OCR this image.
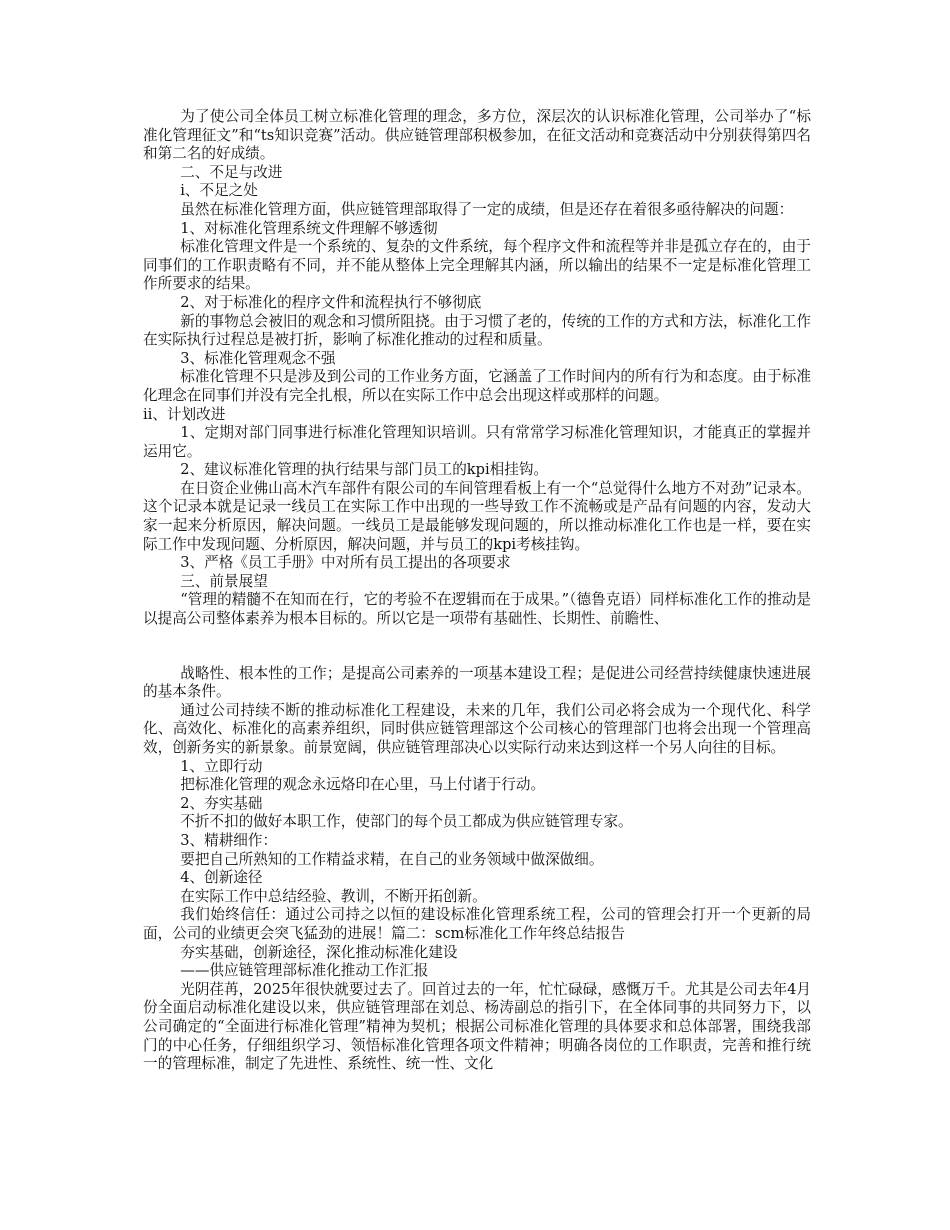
为了使公司全体员工树立标准化管理的理念，多方位，深层次的认识标准化管理，公司举办了“标准化管理征文”和“ts知识竞赛”活动。供应链管理部积极参加，在征文活动和竞赛活动中分别获得第四名和第二名的好成绩。

二、不足与改进

ⅰ、不足之处

虽然在标准化管理方面，供应链管理部取得了一定的成绩，但是还存在着很多亟待解决的问题：

1、对标准化管理系统文件理解不够透彻

标准化管理文件是一个系统的、复杂的文件系统，每个程序文件和流程等并非是孤立存在的，由于同事们的工作职责略有不同，并不能从整体上完全理解其内涵，所以输出的结果不一定是标准化管理工作所要求的结果。

2、对于标准化的程序文件和流程执行不够彻底

新的事物总会被旧的观念和习惯所阻挠。由于习惯了老的，传统的工作的方式和方法，标准化工作在实际执行过程总是被打折，影响了标准化推动的过程和质量。

3、标准化管理观念不强

标准化管理不只是涉及到公司的工作业务方面，它涵盖了工作时间内的所有行为和态度。由于标准化理念在同事们并没有完全扎根，所以在实际工作中总会出现这样或那样的问题。

ⅱ、计划改进

1、定期对部门同事进行标准化管理知识培训。只有常常学习标准化管理知识，才能真正的掌握并运用它。

2、建议标准化管理的执行结果与部门员工的kpi相挂钩。

在日资企业佛山高木汽车部件有限公司的车间管理看板上有一个“总觉得什么地方不对劲”记录本。这个记录本就是记录一线员工在实际工作中出现的一些导致工作不流畅或是产品有问题的内容，发动大家一起来分析原因，解决问题。一线员工是最能够发现问题的，所以推动标准化工作也是一样，要在实际工作中发现问题、分析原因，解决问题，并与员工的kpi考核挂钩。

3、严格《员工手册》中对所有员工提出的各项要求

三、前景展望

“管理的精髓不在知而在行，它的考验不在逻辑而在于成果。”（德鲁克语）同样标准化工作的推动是以提高公司整体素养为根本目标的。所以它是一项带有基础性、长期性、前瞻性、

战略性、根本性的工作；是提高公司素养的一项基本建设工程；是促进公司经营持续健康快速进展的基本条件。

通过公司持续不断的推动标准化工程建设，未来的几年，我们公司必将会成为一个现代化、科学化、高效化、标准化的高素养组织，同时供应链管理部这个公司核心的管理部门也将会出现一个管理高效，创新务实的新景象。前景宽阔，供应链管理部决心以实际行动来达到这样一个另人向往的目标。

1、立即行动

把标准化管理的观念永远烙印在心里，马上付诸于行动。

2、夯实基础

不折不扣的做好本职工作，使部门的每个员工都成为供应链管理专家。

3、精耕细作：

要把自己所熟知的工作精益求精，在自己的业务领域中做深做细。

4、创新途径

在实际工作中总结经验、教训，不断开拓创新。

我们始终信任：通过公司持之以恒的建设标准化管理系统工程，公司的管理会打开一个更新的局面，公司的业绩更会突飞猛劲的进展！篇二：scm标准化工作年终总结报告

夯实基础，创新途径，深化推动标准化建设

——供应链管理部标准化推动工作汇报

光阴荏苒，2025年很快就要过去了。回首过去的一年，忙忙碌碌，感慨万千。尤其是公司去年4月份全面启动标准化建设以来，供应链管理部在刘总、杨涛副总的指引下，在全体同事的共同努力下，以公司确定的“全面进行标准化管理”精神为契机；根据公司标准化管理的具体要求和总体部署，围绕我部门的中心任务，仔细组织学习、领悟标准化管理各项文件精神；明确各岗位的工作职责，完善和推行统一的管理标准，制定了先进性、系统性、统一性、文化
